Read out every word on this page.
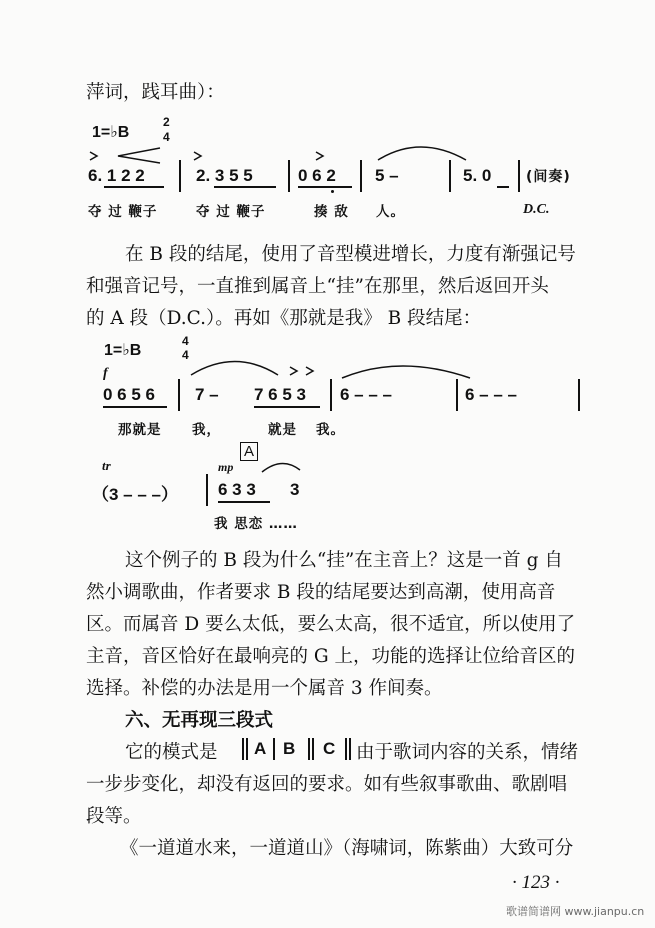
萍词，践耳曲）：
1=♭B
2
4
6. 1 2 2	2. 3 5 5	0 6 2 5 –	5. 0 (间奏)
夺 过 鞭子	夺 过 鞭子	揍 敌 人。	D.C.
在 B 段的结尾，使用了音型模进增长，力度有渐强记号
和强音记号，一直推到属音上“挂”在那里，然后返回开头
的 A 段（D.C.）。再如《那就是我》 B 段结尾：
1=♭B
4
4
f
0 6 5 6 7 – 7 6 5 3 6 – – –	6 – – –
那就是 我，	就是 我。
tr
A
mp
（3 – – –） 6 3 3 3
我 思恋 ……
这个例子的 B 段为什么“挂”在主音上？这是一首 g 自
然小调歌曲，作者要求 B 段的结尾要达到高潮，使用高音
区。而属音 D 要么太低，要么太高，很不适宜，所以使用了
主音，音区恰好在最响亮的 G 上，功能的选择让位给音区的
选择。补偿的办法是用一个属音 3 作间奏。
六、无再现三段式
它的模式是 A B C 由于歌词内容的关系，情绪
一步步变化，却没有返回的要求。如有些叙事歌曲、歌剧唱
段等。
《一道道水来，一道道山》（海啸词，陈紫曲）大致可分
· 123 ·
歌谱简谱网 www.jianpu.cn
